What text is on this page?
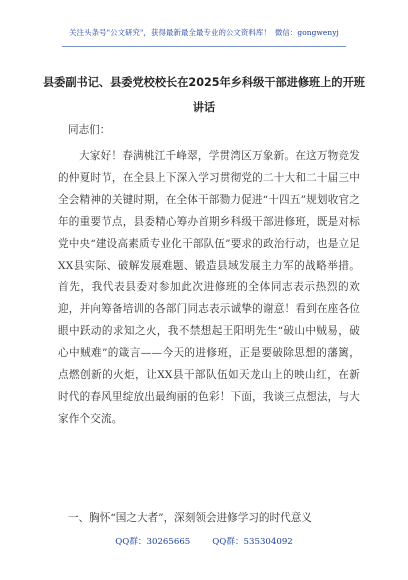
关注头条号"公文研究"，获得最新最全最专业的公文资料库！ 微信：gongwenyj
县委副书记、县委党校校长在2025年乡科级干部进修班上的开班讲话

同志们：

大家好！春满桃江千峰翠，学贯湾区万象新。在这万物竞发的仲夏时节，在全县上下深入学习贯彻党的二十大和二十届三中全会精神的关键时期，在全体干部勠力促进“十四五”规划收官之年的重要节点，县委精心筹办首期乡科级干部进修班，既是对标党中央“建设高素质专业化干部队伍”要求的政治行动，也是立足XX县实际、破解发展难题、锻造县域发展主力军的战略举措。首先，我代表县委对参加此次进修班的全体同志表示热烈的欢迎，并向筹备培训的各部门同志表示诚挚的谢意！看到在座各位眼中跃动的求知之火，我不禁想起王阳明先生“破山中贼易，破心中贼难”的箴言——今天的进修班，正是要破除思想的藩篱，点燃创新的火炬，让XX县干部队伍如天龙山上的映山红，在新时代的春风里绽放出最绚丽的色彩！下面，我谈三点想法，与大家作个交流。

一、胸怀“国之大者”，深刻领会进修学习的时代意义

QQ群：30265665	QQ群：535304092
